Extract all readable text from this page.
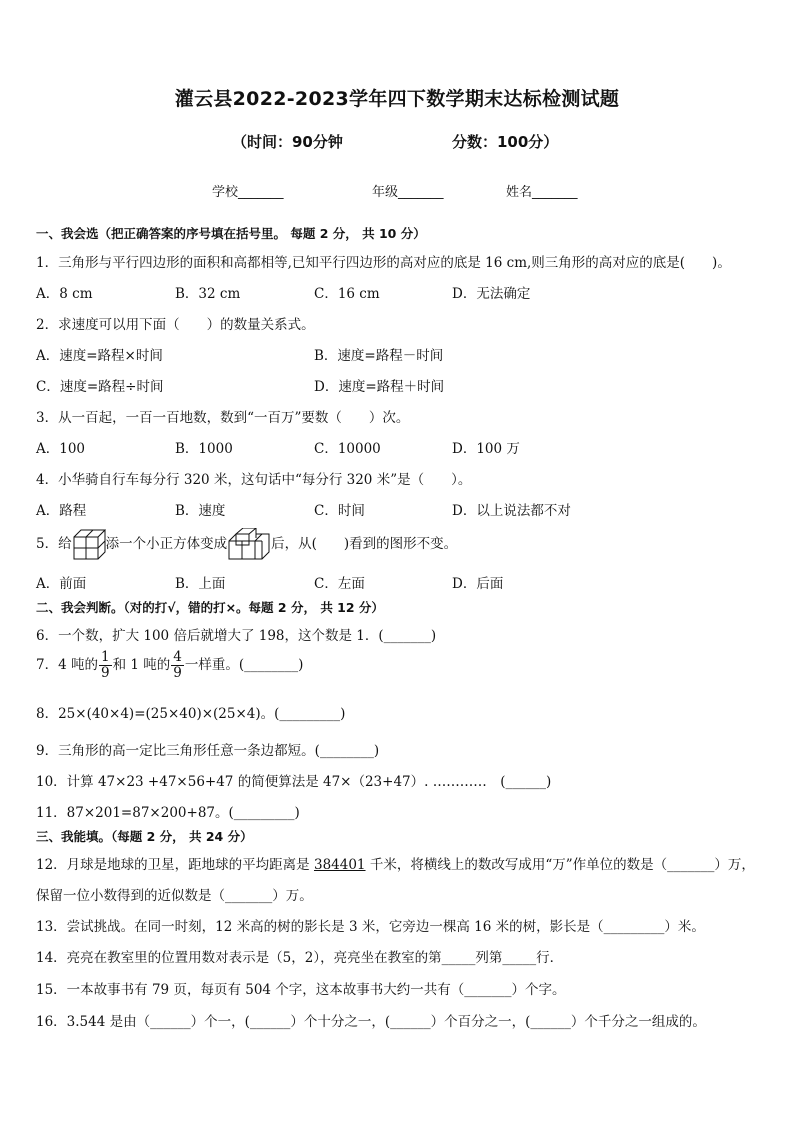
灌云县2022-2023学年四下数学期末达标检测试题
（时间：90分钟	分数：100分）
学校_______	年级_______	姓名_______
一、我会选（把正确答案的序号填在括号里。 每题 2 分， 共 10 分）
1．三角形与平行四边形的面积和高都相等,已知平行四边形的高对应的底是 16 cm,则三角形的高对应的底是(　　)。
A．8 cm	B．32 cm	C．16 cm	D．无法确定
2．求速度可以用下面（　　）的数量关系式。
A．速度=路程×时间	B．速度=路程－时间
C．速度=路程÷时间	D．速度=路程＋时间
3．从一百起，一百一百地数，数到“一百万”要数（　　）次。
A．100	B．1000	C．10000	D．100 万
4．小华骑自行车每分行 320 米，这句话中“每分行 320 米”是（　　）。
A．路程	B．速度	C．时间	D．以上说法都不对
5．给	添一个小正方体变成	后，从(　　)看到的图形不变。
A．前面	B．上面	C．左面	D．后面
二、我会判断。（对的打√，错的打×。每题 2 分， 共 12 分）
6．一个数，扩大 100 倍后就增大了 198，这个数是 1．(_______)
7．4 吨的 $\frac{1}{9}$ 和 1 吨的 $\frac{4}{9}$ 一样重。(________)
8．25×(40×4)=(25×40)×(25×4)。(_________)
9．三角形的高一定比三角形任意一条边都短。(________)
10．计算 47×23 +47×56+47 的简便算法是 47×（23+47）. …………　(______)
11．87×201=87×200+87。(_________)
三、我能填。（每题 2 分， 共 24 分）
12．月球是地球的卫星，距地球的平均距离是 384401 千米，将横线上的数改写成用“万”作单位的数是（_______）万，
保留一位小数得到的近似数是（_______）万。
13．尝试挑战。在同一时刻，12 米高的树的影长是 3 米，它旁边一棵高 16 米的树，影长是（_________）米。
14．亮亮在教室里的位置用数对表示是（5，2），亮亮坐在教室的第_____列第_____行．
15．一本故事书有 79 页，每页有 504 个字，这本故事书大约一共有（_______）个字。
16．3.544 是由（______）个一，(______）个十分之一，(______）个百分之一，(______）个千分之一组成的。
